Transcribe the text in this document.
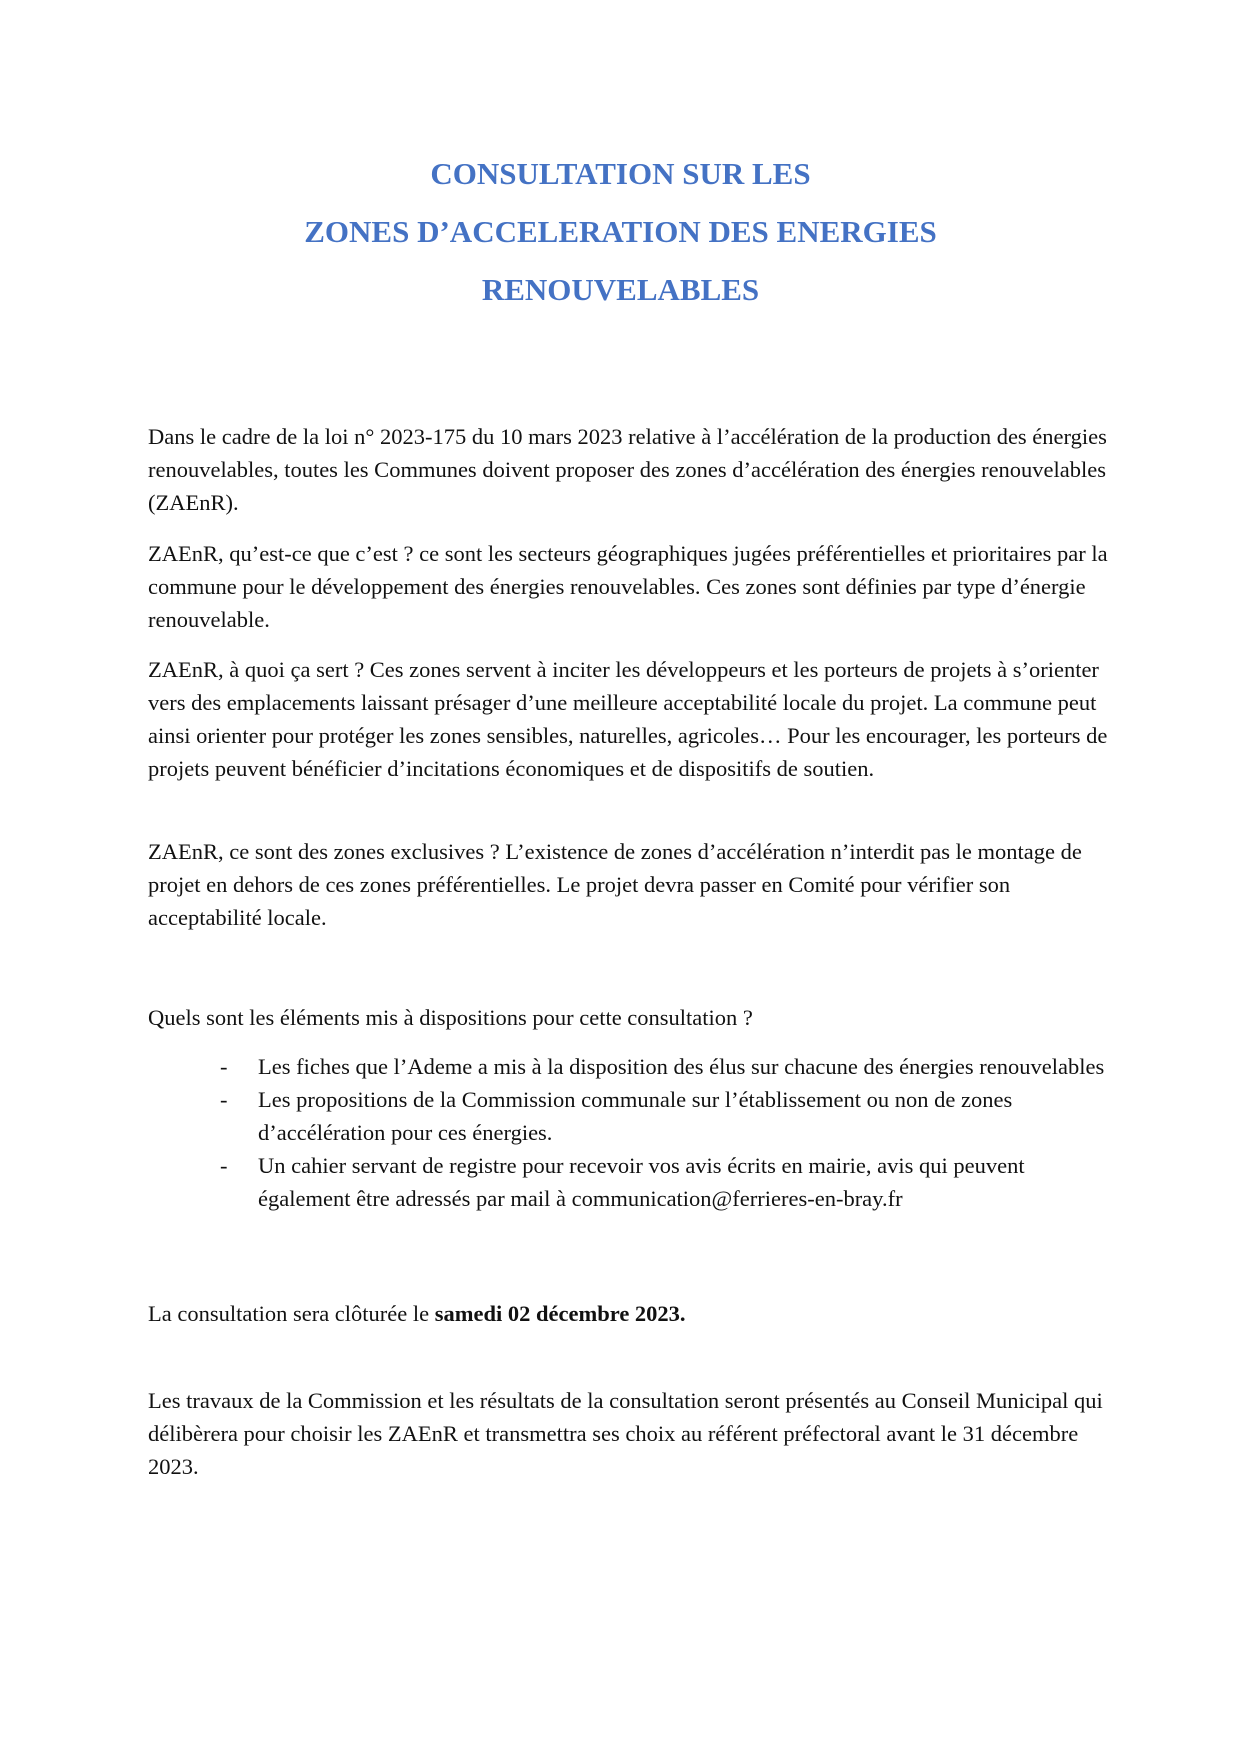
CONSULTATION SUR LES
ZONES D’ACCELERATION DES ENERGIES
RENOUVELABLES

Dans le cadre de la loi n° 2023-175 du 10 mars 2023 relative à l’accélération de la production des énergies renouvelables, toutes les Communes doivent proposer des zones d’accélération des énergies renouvelables (ZAEnR).

ZAEnR, qu’est-ce que c’est ? ce sont les secteurs géographiques jugées préférentielles et prioritaires par la commune pour le développement des énergies renouvelables. Ces zones sont définies par type d’énergie renouvelable.

ZAEnR, à quoi ça sert ? Ces zones servent à inciter les développeurs et les porteurs de projets à s’orienter vers des emplacements laissant présager d’une meilleure acceptabilité locale du projet. La commune peut ainsi orienter pour protéger les zones sensibles, naturelles, agricoles… Pour les encourager, les porteurs de projets peuvent bénéficier d’incitations économiques et de dispositifs de soutien.

ZAEnR, ce sont des zones exclusives ? L’existence de zones d’accélération n’interdit pas le montage de projet en dehors de ces zones préférentielles. Le projet devra passer en Comité pour vérifier son acceptabilité locale.

Quels sont les éléments mis à dispositions pour cette consultation ?

- Les fiches que l’Ademe a mis à la disposition des élus sur chacune des énergies renouvelables
- Les propositions de la Commission communale sur l’établissement ou non de zones d’accélération pour ces énergies.
- Un cahier servant de registre pour recevoir vos avis écrits en mairie, avis qui peuvent également être adressés par mail à communication@ferrieres-en-bray.fr

La consultation sera clôturée le samedi 02 décembre 2023.

Les travaux de la Commission et les résultats de la consultation seront présentés au Conseil Municipal qui délibèrera pour choisir les ZAEnR et transmettra ses choix au référent préfectoral avant le 31 décembre 2023.
